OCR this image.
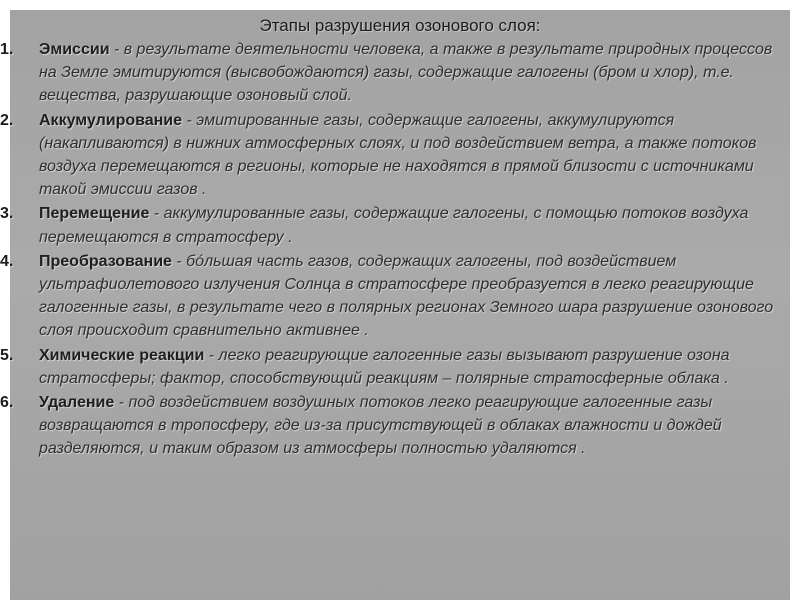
Этапы разрушения озонового слоя:
1.	Эмиссии - в результате деятельности человека, а также в результате природных процессов на Земле эмитируются (высвобождаются) газы, содержащие галогены (бром и хлор), т.е. вещества, разрушающие озоновый слой.
2.	Аккумулирование - эмитированные газы, содержащие галогены, аккумулируются (накапливаются) в нижних атмосферных слоях, и под воздействием ветра, а также потоков воздуха перемещаются в регионы, которые не находятся в прямой близости с источниками такой эмиссии газов .
3.	Перемещение - аккумулированные газы, содержащие галогены, с помощью потоков воздуха перемещаются в стратосферу .
4.	Преобразование - бóльшая часть газов, содержащих галогены, под воздействием ультрафиолетового излучения Солнца в стратосфере преобразуется в легко реагирующие галогенные газы, в результате чего в полярных регионах Земного шара разрушение озонового слоя происходит сравнительно активнее .
5.	Химические реакции - легко реагирующие галогенные газы вызывают разрушение озона стратосферы; фактор, способствующий реакциям – полярные стратосферные облака .
6.	Удаление - под воздействием воздушных потоков легко реагирующие галогенные газы возвращаются в тропосферу, где из-за присутствующей в облаках влажности и дождей разделяются, и таким образом из атмосферы полностью удаляются .
